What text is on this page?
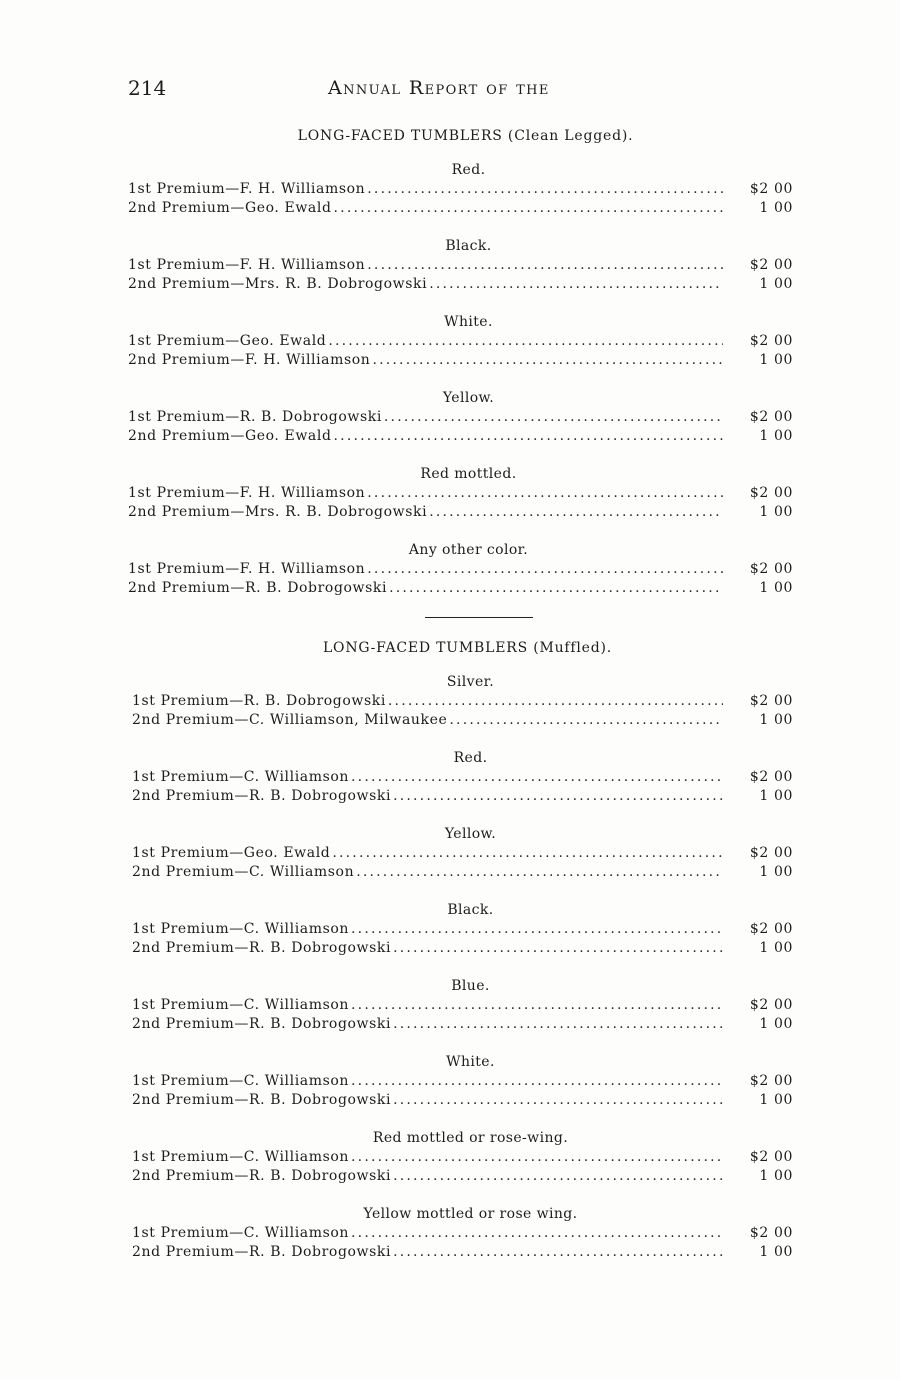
214	Annual Report of the
LONG-FACED TUMBLERS (Clean Legged).
Red.
1st Premium—F. H. Williamson .....	$2 00
2nd Premium—Geo. Ewald .....	1 00
Black.
1st Premium—F. H. Williamson .....	$2 00
2nd Premium—Mrs. R. B. Dobrogowski .....	1 00
White.
1st Premium—Geo. Ewald .....	$2 00
2nd Premium—F. H. Williamson .....	1 00
Yellow.
1st Premium—R. B. Dobrogowski .....	$2 00
2nd Premium—Geo. Ewald .....	1 00
Red mottled.
1st Premium—F. H. Williamson .....	$2 00
2nd Premium—Mrs. R. B. Dobrogowski .....	1 00
Any other color.
1st Premium—F. H. Williamson .....	$2 00
2nd Premium—R. B. Dobrogowski .....	1 00
LONG-FACED TUMBLERS (Muffled).
Silver.
1st Premium—R. B. Dobrogowski .....	$2 00
2nd Premium—C. Williamson, Milwaukee .....	1 00
Red.
1st Premium—C. Williamson .....	$2 00
2nd Premium—R. B. Dobrogowski .....	1 00
Yellow.
1st Premium—Geo. Ewald .....	$2 00
2nd Premium—C. Williamson .....	1 00
Black.
1st Premium—C. Williamson .....	$2 00
2nd Premium—R. B. Dobrogowski .....	1 00
Blue.
1st Premium—C. Williamson .....	$2 00
2nd Premium—R. B. Dobrogowski .....	1 00
White.
1st Premium—C. Williamson .....	$2 00
2nd Premium—R. B. Dobrogowski .....	1 00
Red mottled or rose-wing.
1st Premium—C. Williamson .....	$2 00
2nd Premium—R. B. Dobrogowski .....	1 00
Yellow mottled or rose wing.
1st Premium—C. Williamson .....	$2 00
2nd Premium—R. B. Dobrogowski .....	1 00
